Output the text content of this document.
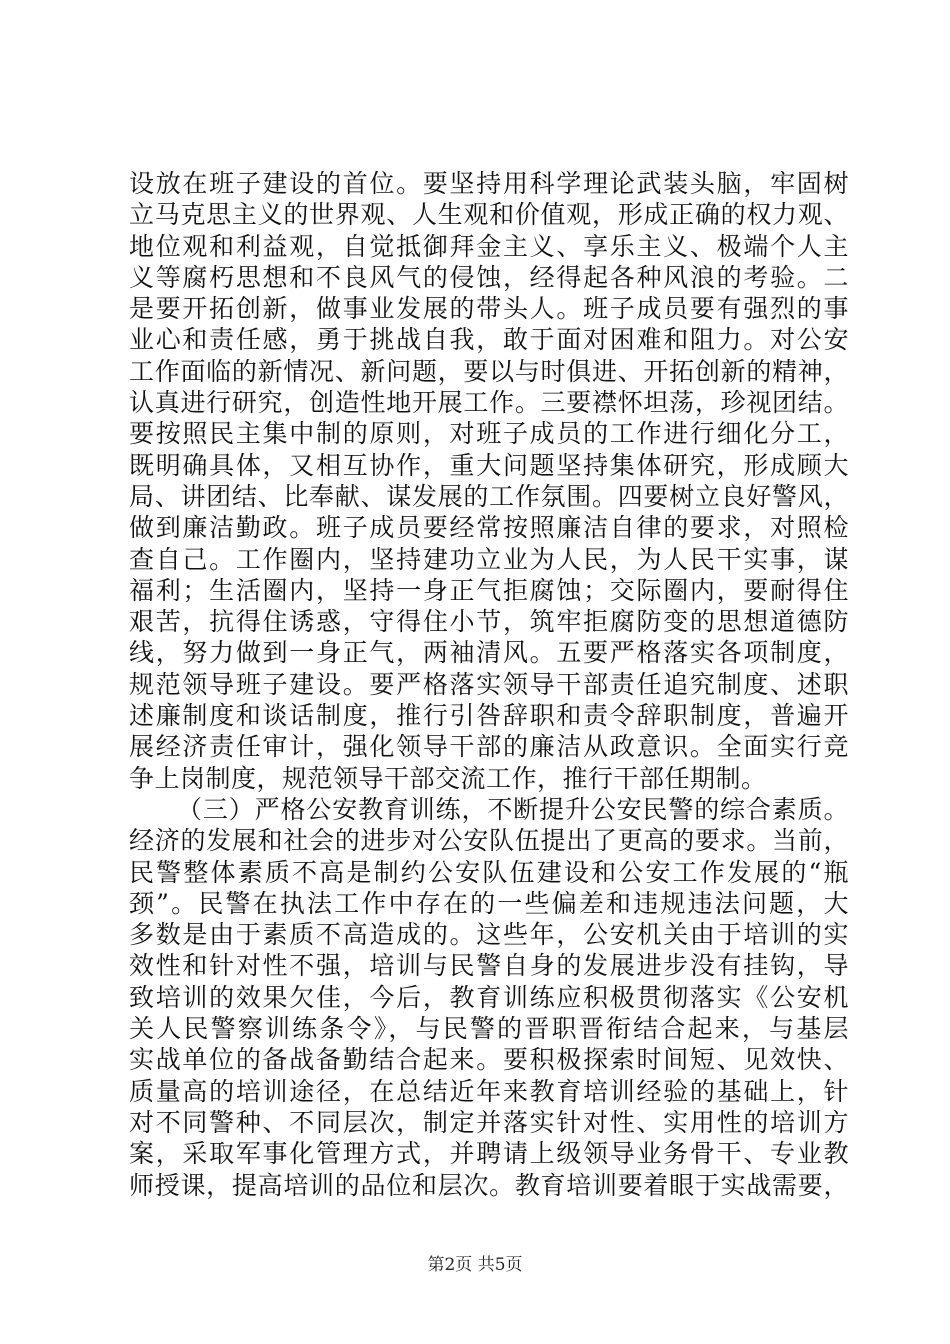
设放在班子建设的首位。要坚持用科学理论武装头脑，牢固树
立马克思主义的世界观、人生观和价值观，形成正确的权力观、
地位观和利益观，自觉抵御拜金主义、享乐主义、极端个人主
义等腐朽思想和不良风气的侵蚀，经得起各种风浪的考验。二
是要开拓创新，做事业发展的带头人。班子成员要有强烈的事
业心和责任感，勇于挑战自我，敢于面对困难和阻力。对公安
工作面临的新情况、新问题，要以与时俱进、开拓创新的精神，
认真进行研究，创造性地开展工作。三要襟怀坦荡，珍视团结。
要按照民主集中制的原则，对班子成员的工作进行细化分工，
既明确具体，又相互协作，重大问题坚持集体研究，形成顾大
局、讲团结、比奉献、谋发展的工作氛围。四要树立良好警风，
做到廉洁勤政。班子成员要经常按照廉洁自律的要求，对照检
查自己。工作圈内，坚持建功立业为人民，为人民干实事，谋
福利；生活圈内，坚持一身正气拒腐蚀；交际圈内，要耐得住
艰苦，抗得住诱惑，守得住小节，筑牢拒腐防变的思想道德防
线，努力做到一身正气，两袖清风。五要严格落实各项制度，
规范领导班子建设。要严格落实领导干部责任追究制度、述职
述廉制度和谈话制度，推行引咎辞职和责令辞职制度，普遍开
展经济责任审计，强化领导干部的廉洁从政意识。全面实行竞
争上岗制度，规范领导干部交流工作，推行干部任期制。
（三）严格公安教育训练，不断提升公安民警的综合素质。
经济的发展和社会的进步对公安队伍提出了更高的要求。当前，
民警整体素质不高是制约公安队伍建设和公安工作发展的“瓶
颈”。民警在执法工作中存在的一些偏差和违规违法问题，大
多数是由于素质不高造成的。这些年，公安机关由于培训的实
效性和针对性不强，培训与民警自身的发展进步没有挂钩，导
致培训的效果欠佳，今后，教育训练应积极贯彻落实《公安机
关人民警察训练条令》，与民警的晋职晋衔结合起来，与基层
实战单位的备战备勤结合起来。要积极探索时间短、见效快、
质量高的培训途径，在总结近年来教育培训经验的基础上，针
对不同警种、不同层次，制定并落实针对性、实用性的培训方
案，采取军事化管理方式，并聘请上级领导业务骨干、专业教
师授课，提高培训的品位和层次。教育培训要着眼于实战需要，
第2页 共5页
